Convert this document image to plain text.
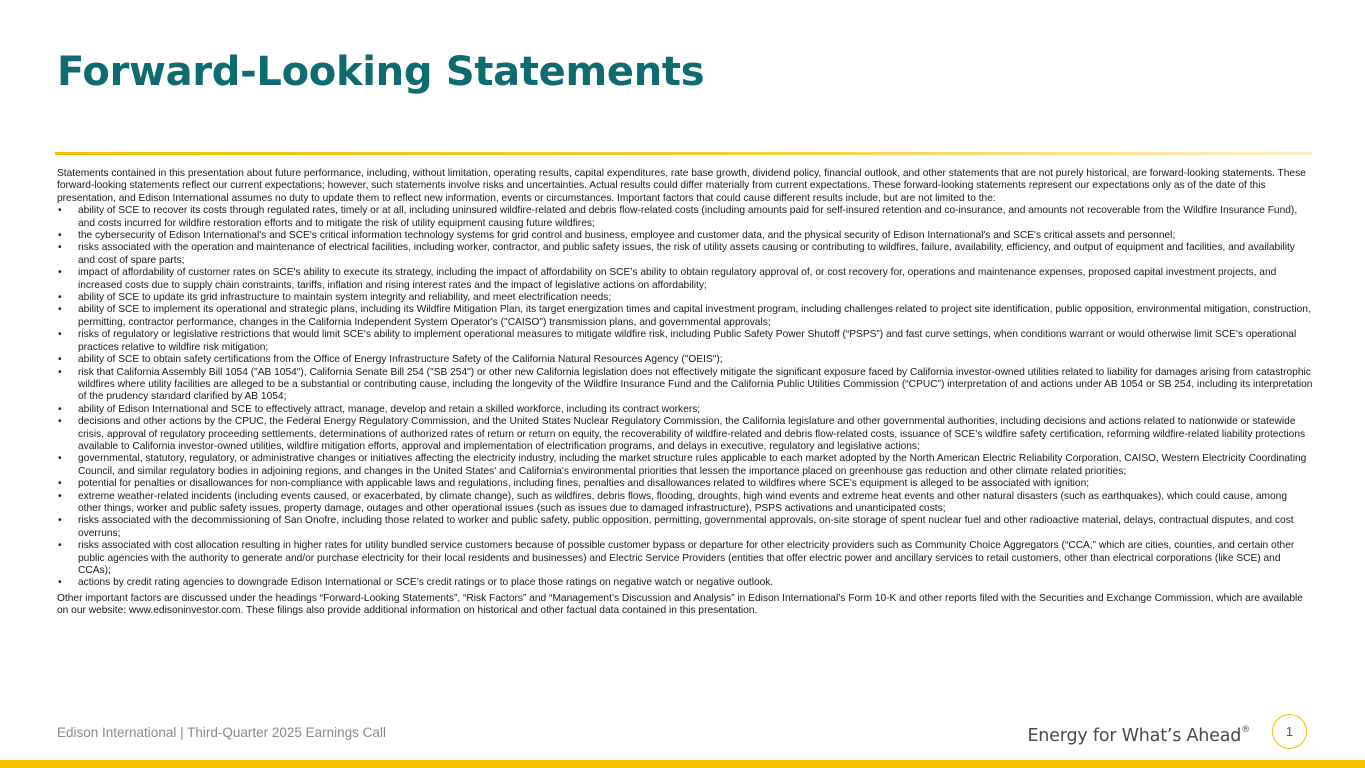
Forward-Looking Statements

Statements contained in this presentation about future performance, including, without limitation, operating results, capital expenditures, rate base growth, dividend policy, financial outlook, and other statements that are not purely historical, are forward-looking statements. These forward-looking statements reflect our current expectations; however, such statements involve risks and uncertainties. Actual results could differ materially from current expectations. These forward-looking statements represent our expectations only as of the date of this presentation, and Edison International assumes no duty to update them to reflect new information, events or circumstances. Important factors that could cause different results include, but are not limited to the:

• ability of SCE to recover its costs through regulated rates, timely or at all, including uninsured wildfire-related and debris flow-related costs (including amounts paid for self-insured retention and co-insurance, and amounts not recoverable from the Wildfire Insurance Fund), and costs incurred for wildfire restoration efforts and to mitigate the risk of utility equipment causing future wildfires;
• the cybersecurity of Edison International's and SCE's critical information technology systems for grid control and business, employee and customer data, and the physical security of Edison International's and SCE's critical assets and personnel;
• risks associated with the operation and maintenance of electrical facilities, including worker, contractor, and public safety issues, the risk of utility assets causing or contributing to wildfires, failure, availability, efficiency, and output of equipment and facilities, and availability and cost of spare parts;
• impact of affordability of customer rates on SCE's ability to execute its strategy, including the impact of affordability on SCE’s ability to obtain regulatory approval of, or cost recovery for, operations and maintenance expenses, proposed capital investment projects, and increased costs due to supply chain constraints, tariffs, inflation and rising interest rates and the impact of legislative actions on affordability;
• ability of SCE to update its grid infrastructure to maintain system integrity and reliability, and meet electrification needs;
• ability of SCE to implement its operational and strategic plans, including its Wildfire Mitigation Plan, its target energization times and capital investment program, including challenges related to project site identification, public opposition, environmental mitigation, construction, permitting, contractor performance, changes in the California Independent System Operator's ("CAISO") transmission plans, and governmental approvals;
• risks of regulatory or legislative restrictions that would limit SCE's ability to implement operational measures to mitigate wildfire risk, including Public Safety Power Shutoff (“PSPS”) and fast curve settings, when conditions warrant or would otherwise limit SCE's operational practices relative to wildfire risk mitigation;
• ability of SCE to obtain safety certifications from the Office of Energy Infrastructure Safety of the California Natural Resources Agency ("OEIS");
• risk that California Assembly Bill 1054 ("AB 1054"), California Senate Bill 254 ("SB 254") or other new California legislation does not effectively mitigate the significant exposure faced by California investor-owned utilities related to liability for damages arising from catastrophic wildfires where utility facilities are alleged to be a substantial or contributing cause, including the longevity of the Wildfire Insurance Fund and the California Public Utilities Commission (“CPUC”) interpretation of and actions under AB 1054 or SB 254, including its interpretation of the prudency standard clarified by AB 1054;
• ability of Edison International and SCE to effectively attract, manage, develop and retain a skilled workforce, including its contract workers;
• decisions and other actions by the CPUC, the Federal Energy Regulatory Commission, and the United States Nuclear Regulatory Commission, the California legislature and other governmental authorities, including decisions and actions related to nationwide or statewide crisis, approval of regulatory proceeding settlements, determinations of authorized rates of return or return on equity, the recoverability of wildfire-related and debris flow-related costs, issuance of SCE's wildfire safety certification, reforming wildfire-related liability protections available to California investor-owned utilities, wildfire mitigation efforts, approval and implementation of electrification programs, and delays in executive, regulatory and legislative actions;
• governmental, statutory, regulatory, or administrative changes or initiatives affecting the electricity industry, including the market structure rules applicable to each market adopted by the North American Electric Reliability Corporation, CAISO, Western Electricity Coordinating Council, and similar regulatory bodies in adjoining regions, and changes in the United States' and California's environmental priorities that lessen the importance placed on greenhouse gas reduction and other climate related priorities;
• potential for penalties or disallowances for non-compliance with applicable laws and regulations, including fines, penalties and disallowances related to wildfires where SCE's equipment is alleged to be associated with ignition;
• extreme weather-related incidents (including events caused, or exacerbated, by climate change), such as wildfires, debris flows, flooding, droughts, high wind events and extreme heat events and other natural disasters (such as earthquakes), which could cause, among other things, worker and public safety issues, property damage, outages and other operational issues (such as issues due to damaged infrastructure), PSPS activations and unanticipated costs;
• risks associated with the decommissioning of San Onofre, including those related to worker and public safety, public opposition, permitting, governmental approvals, on-site storage of spent nuclear fuel and other radioactive material, delays, contractual disputes, and cost overruns;
• risks associated with cost allocation resulting in higher rates for utility bundled service customers because of possible customer bypass or departure for other electricity providers such as Community Choice Aggregators (“CCA,” which are cities, counties, and certain other public agencies with the authority to generate and/or purchase electricity for their local residents and businesses) and Electric Service Providers (entities that offer electric power and ancillary services to retail customers, other than electrical corporations (like SCE) and CCAs);
• actions by credit rating agencies to downgrade Edison International or SCE’s credit ratings or to place those ratings on negative watch or negative outlook.

Other important factors are discussed under the headings “Forward-Looking Statements”, “Risk Factors” and “Management’s Discussion and Analysis” in Edison International’s Form 10-K and other reports filed with the Securities and Exchange Commission, which are available on our website: www.edisoninvestor.com. These filings also provide additional information on historical and other factual data contained in this presentation.

Edison International | Third-Quarter 2025 Earnings Call	Energy for What’s Ahead®	1
